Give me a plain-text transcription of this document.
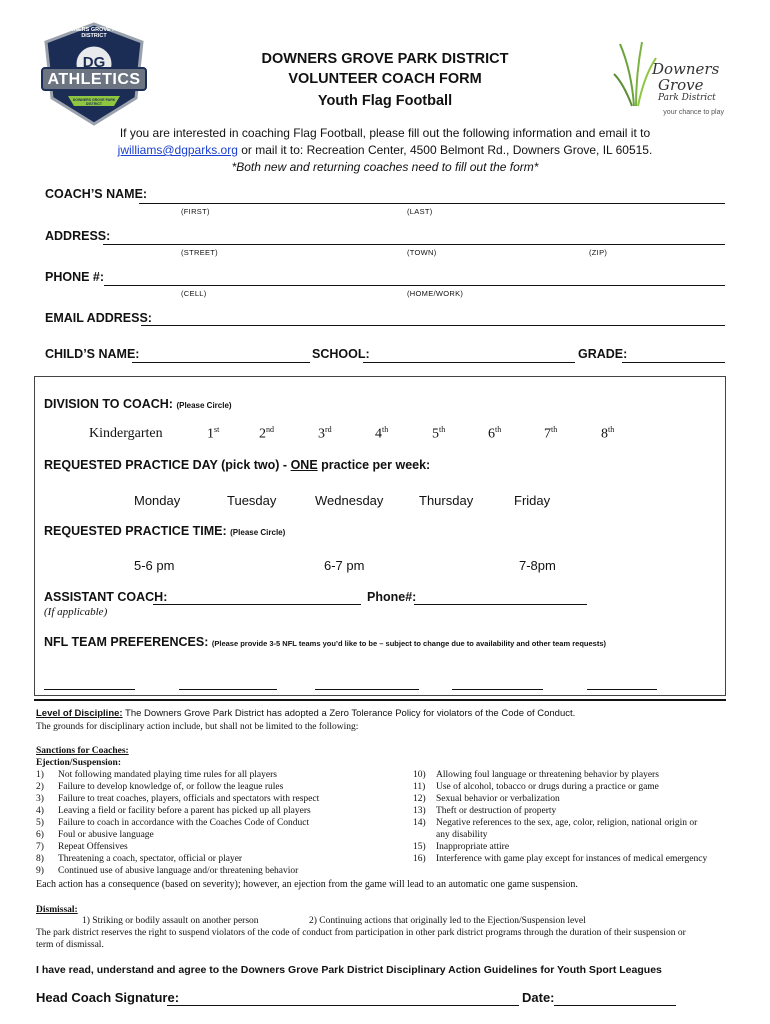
DOWNERS GROVE PARK DISTRICT
DG
ATHLETICS
DOWNERS GROVE PARK DISTRICT
Downers
Grove
Park District
your chance to play
DOWNERS GROVE PARK DISTRICT
VOLUNTEER COACH FORM
Youth Flag Football
If you are interested in coaching Flag Football, please fill out the following information and email it to
jwilliams@dgparks.org or mail it to: Recreation Center, 4500 Belmont Rd., Downers Grove, IL 60515.
*Both new and returning coaches need to fill out the form*
COACH’S NAME:
(FIRST)	(LAST)
ADDRESS:
(STREET)	(TOWN)	(ZIP)
PHONE #:
(CELL)	(HOME/WORK)
EMAIL ADDRESS:
CHILD’S NAME:	SCHOOL:	GRADE:
DIVISION TO COACH: (Please Circle)
Kindergarten	1st	2nd	3rd	4th	5th	6th	7th	8th
REQUESTED PRACTICE DAY (pick two) - ONE practice per week:
Monday	Tuesday	Wednesday	Thursday	Friday
REQUESTED PRACTICE TIME: (Please Circle)
5-6 pm	6-7 pm	7-8pm
ASSISTANT COACH:	Phone#:
(If applicable)
NFL TEAM PREFERENCES: (Please provide 3-5 NFL teams you’d like to be – subject to change due to availability and other team requests)
Level of Discipline: The Downers Grove Park District has adopted a Zero Tolerance Policy for violators of the Code of Conduct.
The grounds for disciplinary action include, but shall not be limited to the following:
Sanctions for Coaches:
Ejection/Suspension:
1) Not following mandated playing time rules for all players
2) Failure to develop knowledge of, or follow the league rules
3) Failure to treat coaches, players, officials and spectators with respect
4) Leaving a field or facility before a parent has picked up all players
5) Failure to coach in accordance with the Coaches Code of Conduct
6) Foul or abusive language
7) Repeat Offensives
8) Threatening a coach, spectator, official or player
9) Continued use of abusive language and/or threatening behavior
10) Allowing foul language or threatening behavior by players
11) Use of alcohol, tobacco or drugs during a practice or game
12) Sexual behavior or verbalization
13) Theft or destruction of property
14) Negative references to the sex, age, color, religion, national origin or
any disability
15) Inappropriate attire
16) Interference with game play except for instances of medical emergency
Each action has a consequence (based on severity); however, an ejection from the game will lead to an automatic one game suspension.
Dismissal:
1) Striking or bodily assault on another person	2) Continuing actions that originally led to the Ejection/Suspension level
The park district reserves the right to suspend violators of the code of conduct from participation in other park district programs through the duration of their suspension or
term of dismissal.
I have read, understand and agree to the Downers Grove Park District Disciplinary Action Guidelines for Youth Sport Leagues
Head Coach Signature:	Date:
